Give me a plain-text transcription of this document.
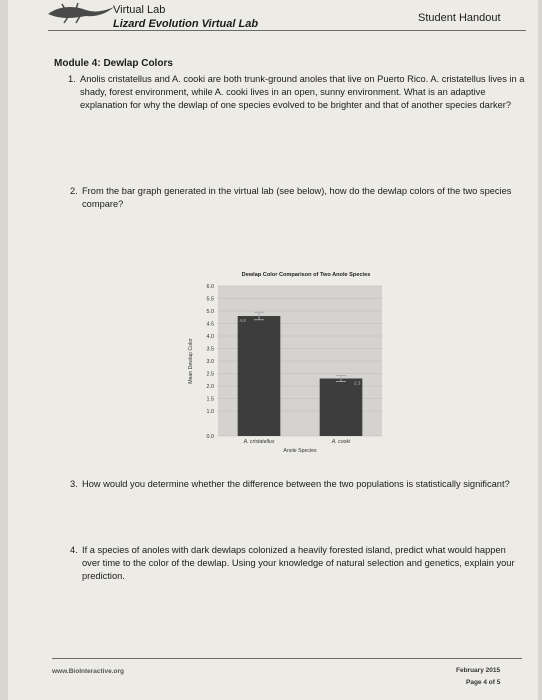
Virtual Lab
Lizard Evolution Virtual Lab	Student Handout
Module 4: Dewlap Colors
1. Anolis cristatellus and A. cooki are both trunk-ground anoles that live on Puerto Rico. A. cristatellus lives in a shady, forest environment, while A. cooki lives in an open, sunny environment. What is an adaptive explanation for why the dewlap of one species evolved to be brighter and that of another species darker?
2. From the bar graph generated in the virtual lab (see below), how do the dewlap colors of the two species compare?
Dewlap Color Comparison of Two Anole Species
0.0
1.0
1.5
2.0
2.5
3.0
3.5
4.0
4.5
5.0
5.5
6.0
Mean Dewlap Color
4.8
A. cristatellus
2.3
A. cooki
Anole Species
3. How would you determine whether the difference between the two populations is statistically significant?
4. If a species of anoles with dark dewlaps colonized a heavily forested island, predict what would happen over time to the color of the dewlap. Using your knowledge of natural selection and genetics, explain your prediction.
www.BioInteractive.org	February 2015
Page 4 of 5
